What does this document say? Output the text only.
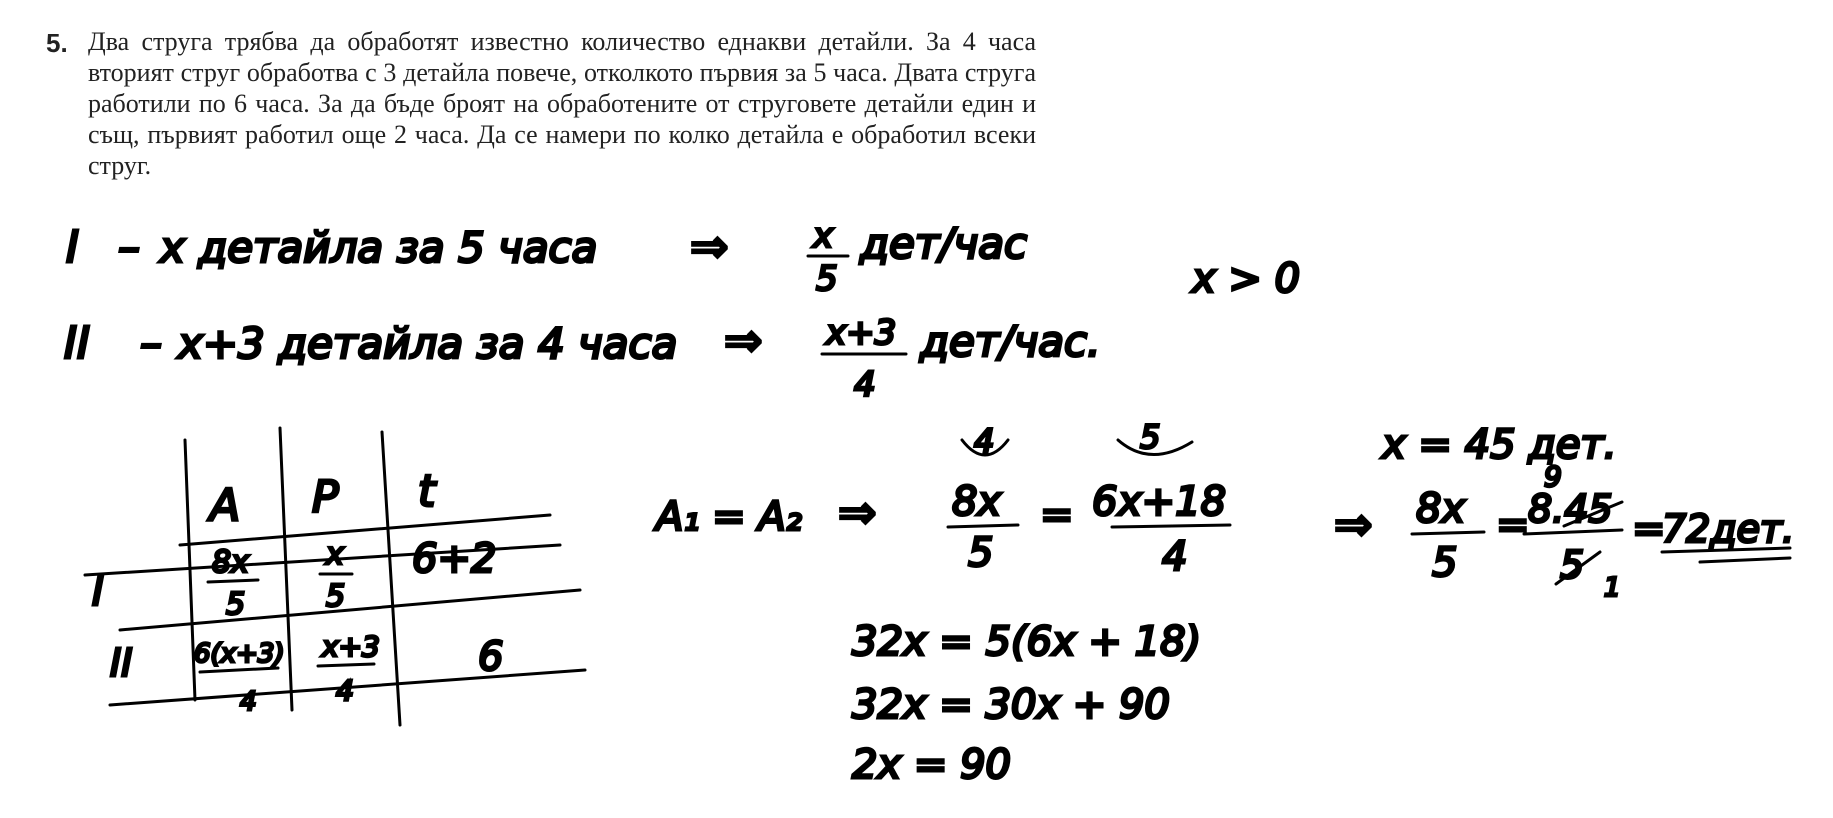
5. Два струга трябва да обработят известно количество еднакви детайли. За 4 часа вторият струг обработва с 3 детайла повече, отколкото първия за 5 часа. Двата струга работили по 6 часа. За да бъде броят на обработените от струговете детайли един и същ, първият работил още 2 часа. Да се намери по колко детайла е обработил всеки струг.
I – x детайла за 5 часа ⇒ x
5
дет/час
x > 0
II – x+3 детайла за 4 часа ⇒ x+3
4
дет/час.
A P t
I
8x
5
x
5
6+2
II 6(x+3)
4
x+3
4
6
A₁ = A₂ ⇒
4
8x
5
=
5
6 x+18
4
32x = 5(6x + 18)
32x = 30x + 90
2x = 90
x = 45 дет.
⇒ 8x
5
=
9
8.45
5
1
=
72дет.
